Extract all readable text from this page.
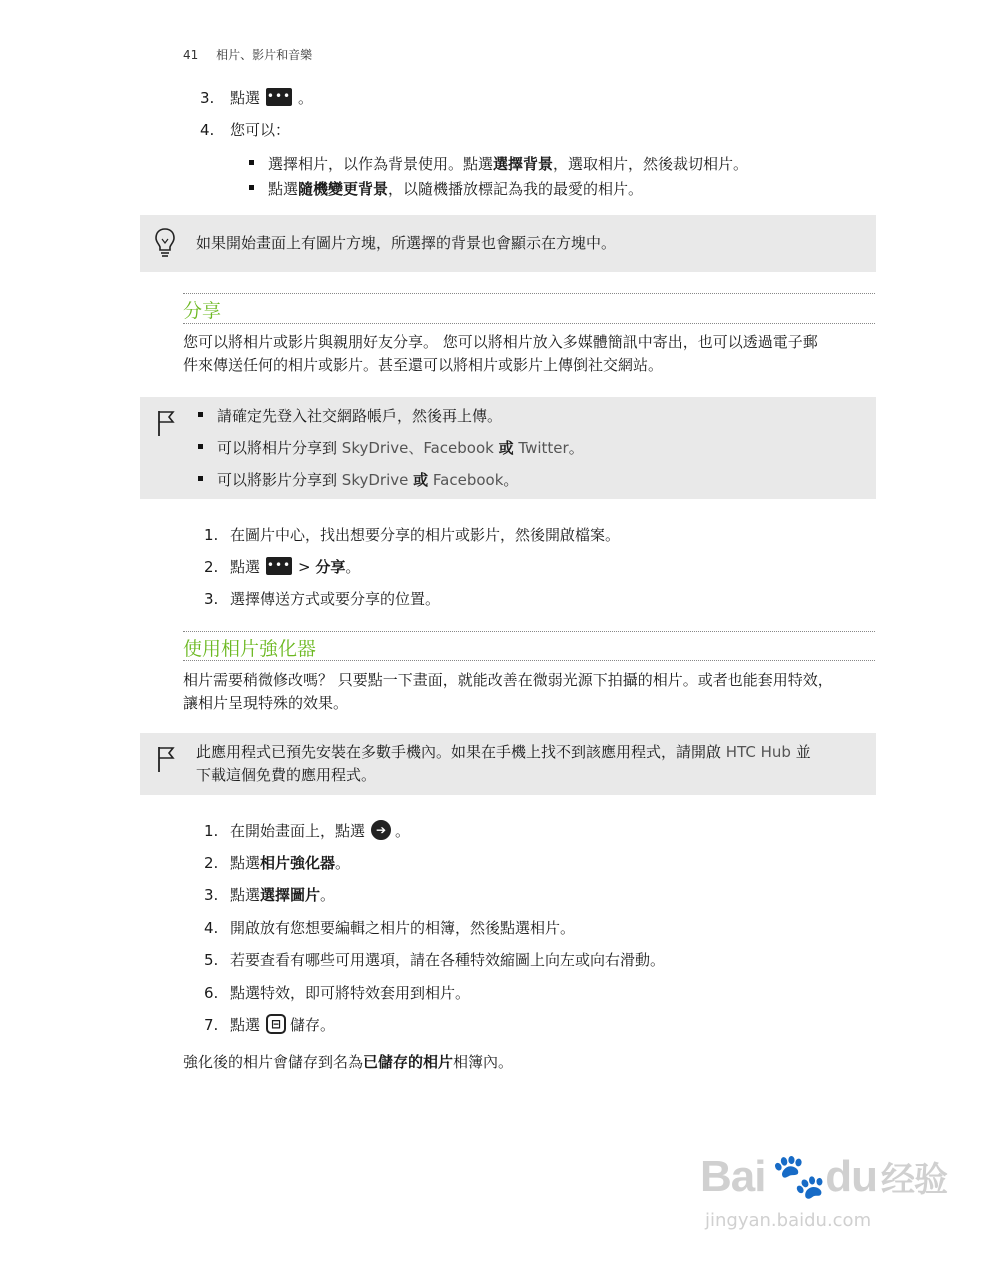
41 相片、影片和音樂
3. 點選 ••• 。
4. 您可以：
選擇相片，以作為背景使用。點選選擇背景，選取相片，然後裁切相片。
點選隨機變更背景，以隨機播放標記為我的最愛的相片。
如果開始畫面上有圖片方塊，所選擇的背景也會顯示在方塊中。
分享
您可以將相片或影片與親朋好友分享。 您可以將相片放入多媒體簡訊中寄出，也可以透過電子郵
件來傳送任何的相片或影片。甚至還可以將相片或影片上傳倒社交網站。
請確定先登入社交網路帳戶，然後再上傳。
可以將相片分享到 SkyDrive、Facebook 或 Twitter。
可以將影片分享到 SkyDrive 或 Facebook。
1. 在圖片中心，找出想要分享的相片或影片，然後開啟檔案。
2. 點選 ••• > 分享。
3. 選擇傳送方式或要分享的位置。
使用相片強化器
相片需要稍微修改嗎？ 只要點一下畫面，就能改善在微弱光源下拍攝的相片。或者也能套用特效，
讓相片呈現特殊的效果。
此應用程式已預先安裝在多數手機內。如果在手機上找不到該應用程式，請開啟 HTC Hub 並
下載這個免費的應用程式。
1. 在開始畫面上，點選 ➔ 。
2. 點選相片強化器。
3. 點選選擇圖片。
4. 開啟放有您想要編輯之相片的相簿，然後點選相片。
5. 若要查看有哪些可用選項，請在各種特效縮圖上向左或向右滑動。
6. 點選特效，即可將特效套用到相片。
7. 點選 ⊟ 儲存。
強化後的相片會儲存到名為已儲存的相片相簿內。
Bai 🐾du 经验
jingyan.baidu.com
